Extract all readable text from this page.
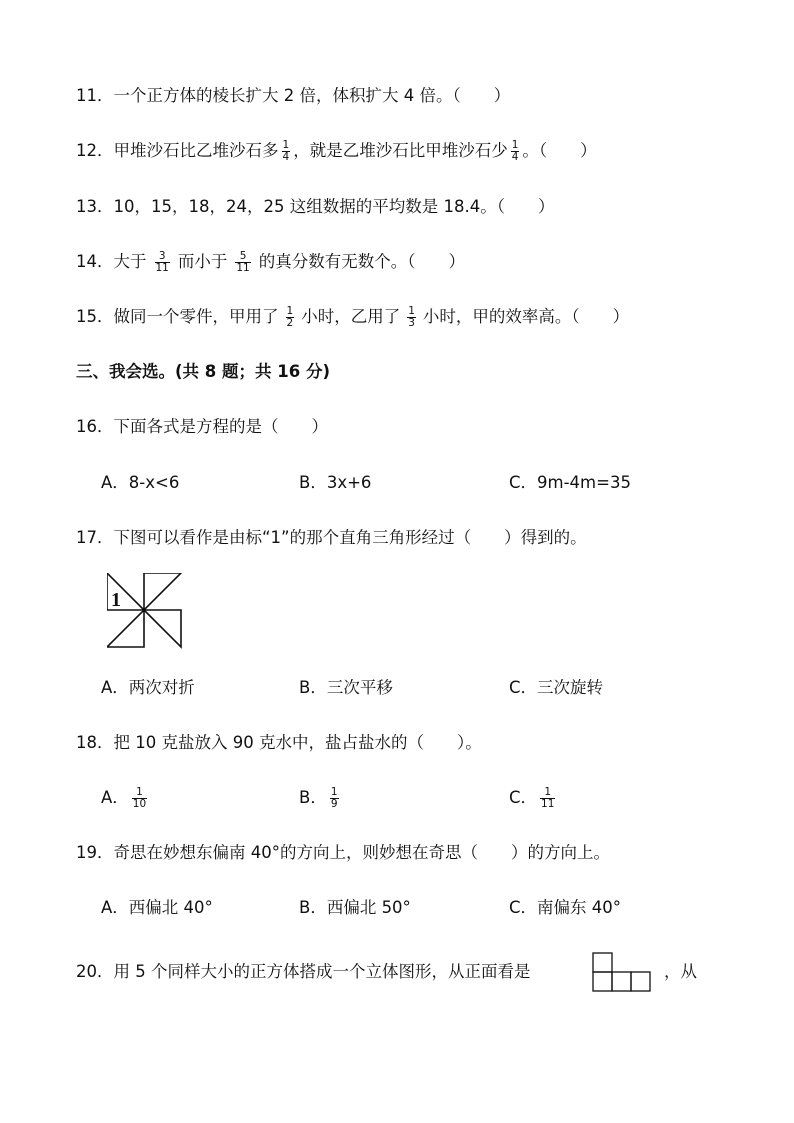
11．一个正方体的棱长扩大 2 倍，体积扩大 4 倍。（　　）
12．甲堆沙石比乙堆沙石多 $\frac{1}{4}$ ，就是乙堆沙石比甲堆沙石少 $\frac{1}{4}$ 。（　　）
13．10，15，18，24，25 这组数据的平均数是 18.4。（　　）
14．大于 $\frac{3}{11}$ 而小于 $\frac{5}{11}$ 的真分数有无数个。（　　）
15．做同一个零件，甲用了 $\frac{1}{2}$ 小时，乙用了 $\frac{1}{3}$ 小时，甲的效率高。（　　）
三、我会选。(共 8 题；共 16 分)
16．下面各式是方程的是（　　）
A．8-x<6	B．3x+6	C．9m-4m=35
17．下图可以看作是由标“1”的那个直角三角形经过（　　）得到的。
1
A．两次对折	B．三次平移	C．三次旋转
18．把 10 克盐放入 90 克水中，盐占盐水的（　　）。
A． $\frac{1}{10}$	B． $\frac{1}{9}$	C． $\frac{1}{11}$
19．奇思在妙想东偏南 40°的方向上，则妙想在奇思（　　）的方向上。
A．西偏北 40°	B．西偏北 50°	C．南偏东 40°
20．用 5 个同样大小的正方体搭成一个立体图形，从正面看是	，从
